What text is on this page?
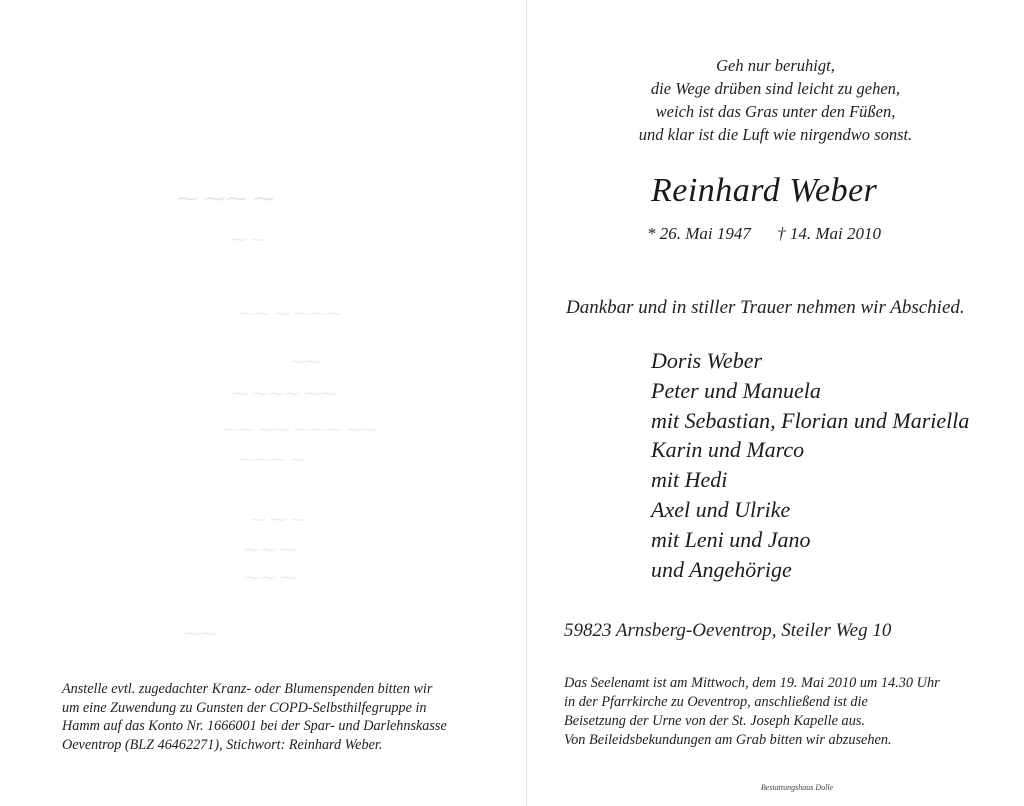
⁓ ⁓⁓ ⁓
⁓ ⁓
⁓⁓ ⁓ ⁓⁓⁓
⁓⁓
⁓ ⁓⁓⁓ ⁓⁓
⁓⁓ ⁓⁓ ⁓⁓⁓ ⁓⁓
⁓⁓⁓ ⁓
⁓ ⁓ ⁓
⁓⁓ ⁓
⁓⁓ ⁓
⁓⁓
Anstelle evtl. zugedachter Kranz- oder Blumenspenden bitten wir
um eine Zuwendung zu Gunsten der COPD-Selbsthilfegruppe in
Hamm auf das Konto Nr. 1666001 bei der Spar- und Darlehnskasse
Oeventrop (BLZ 46462271), Stichwort: Reinhard Weber.
Geh nur beruhigt,
die Wege drüben sind leicht zu gehen,
weich ist das Gras unter den Füßen,
und klar ist die Luft wie nirgendwo sonst.
Reinhard Weber
* 26. Mai 1947 † 14. Mai 2010
Dankbar und in stiller Trauer nehmen wir Abschied.
Doris Weber
Peter und Manuela
mit Sebastian, Florian und Mariella
Karin und Marco
mit Hedi
Axel und Ulrike
mit Leni und Jano
und Angehörige
59823 Arnsberg-Oeventrop, Steiler Weg 10
Das Seelenamt ist am Mittwoch, dem 19. Mai 2010 um 14.30 Uhr
in der Pfarrkirche zu Oeventrop, anschließend ist die
Beisetzung der Urne von der St. Joseph Kapelle aus.
Von Beileidsbekundungen am Grab bitten wir abzusehen.
Bestattungshaus Dolle
